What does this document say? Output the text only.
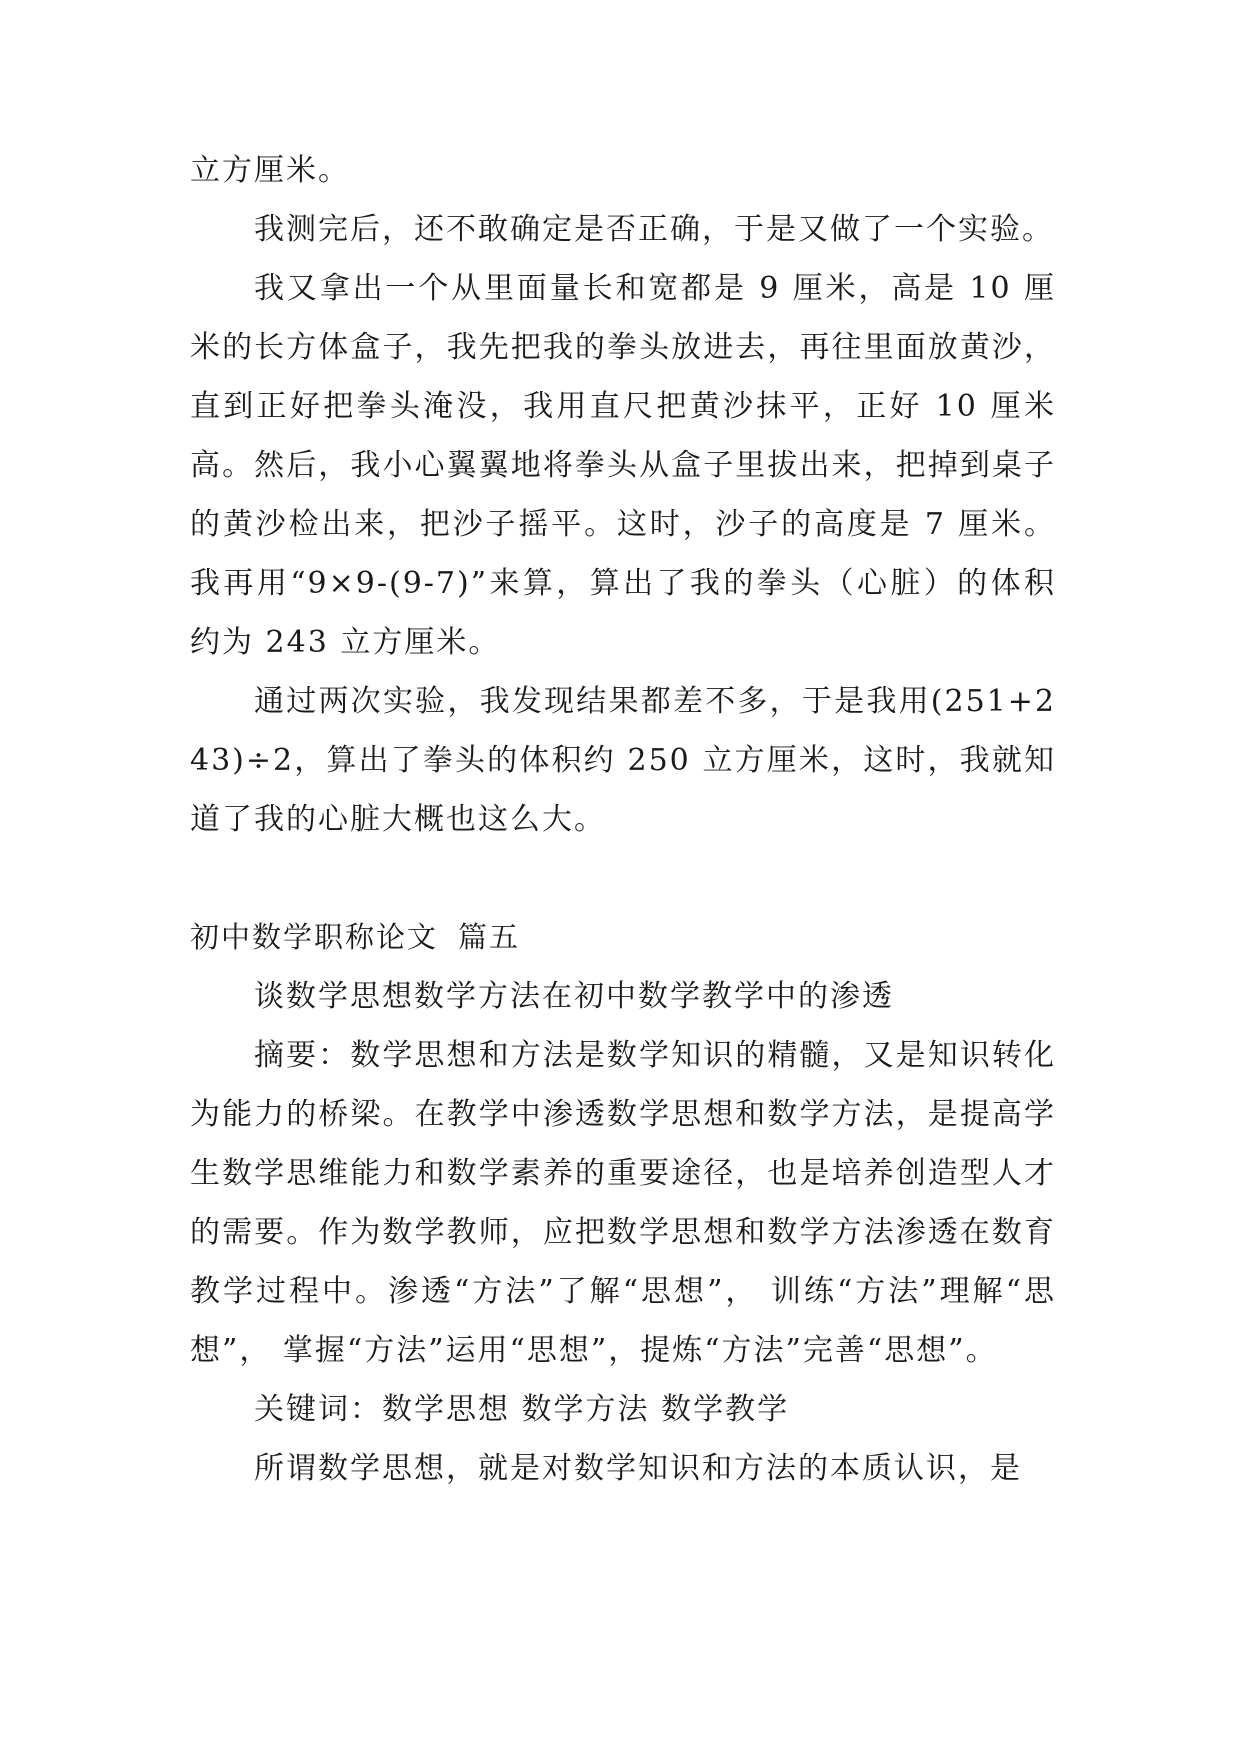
立方厘米。

我测完后，还不敢确定是否正确，于是又做了一个实验。

我又拿出一个从里面量长和宽都是 9 厘米，高是 10 厘米的长方体盒子，我先把我的拳头放进去，再往里面放黄沙，直到正好把拳头淹没，我用直尺把黄沙抹平，正好 10 厘米高。然后，我小心翼翼地将拳头从盒子里拔出来，把掉到桌子的黄沙检出来，把沙子摇平。这时，沙子的高度是 7 厘米。我再用“9×9-(9-7)”来算，算出了我的拳头（心脏）的体积约为 243 立方厘米。

通过两次实验，我发现结果都差不多，于是我用(251+243)÷2，算出了拳头的体积约 250 立方厘米，这时，我就知道了我的心脏大概也这么大。

初中数学职称论文 篇五

谈数学思想数学方法在初中数学教学中的渗透

摘要：数学思想和方法是数学知识的精髓，又是知识转化为能力的桥梁。在教学中渗透数学思想和数学方法，是提高学生数学思维能力和数学素养的重要途径，也是培养创造型人才的需要。作为数学教师，应把数学思想和数学方法渗透在数育教学过程中。渗透“方法”了解“思想”， 训练“方法”理解“思想”， 掌握“方法”运用“思想”，提炼“方法”完善“思想”。

关键词：数学思想 数学方法 数学教学

所谓数学思想，就是对数学知识和方法的本质认识，是
